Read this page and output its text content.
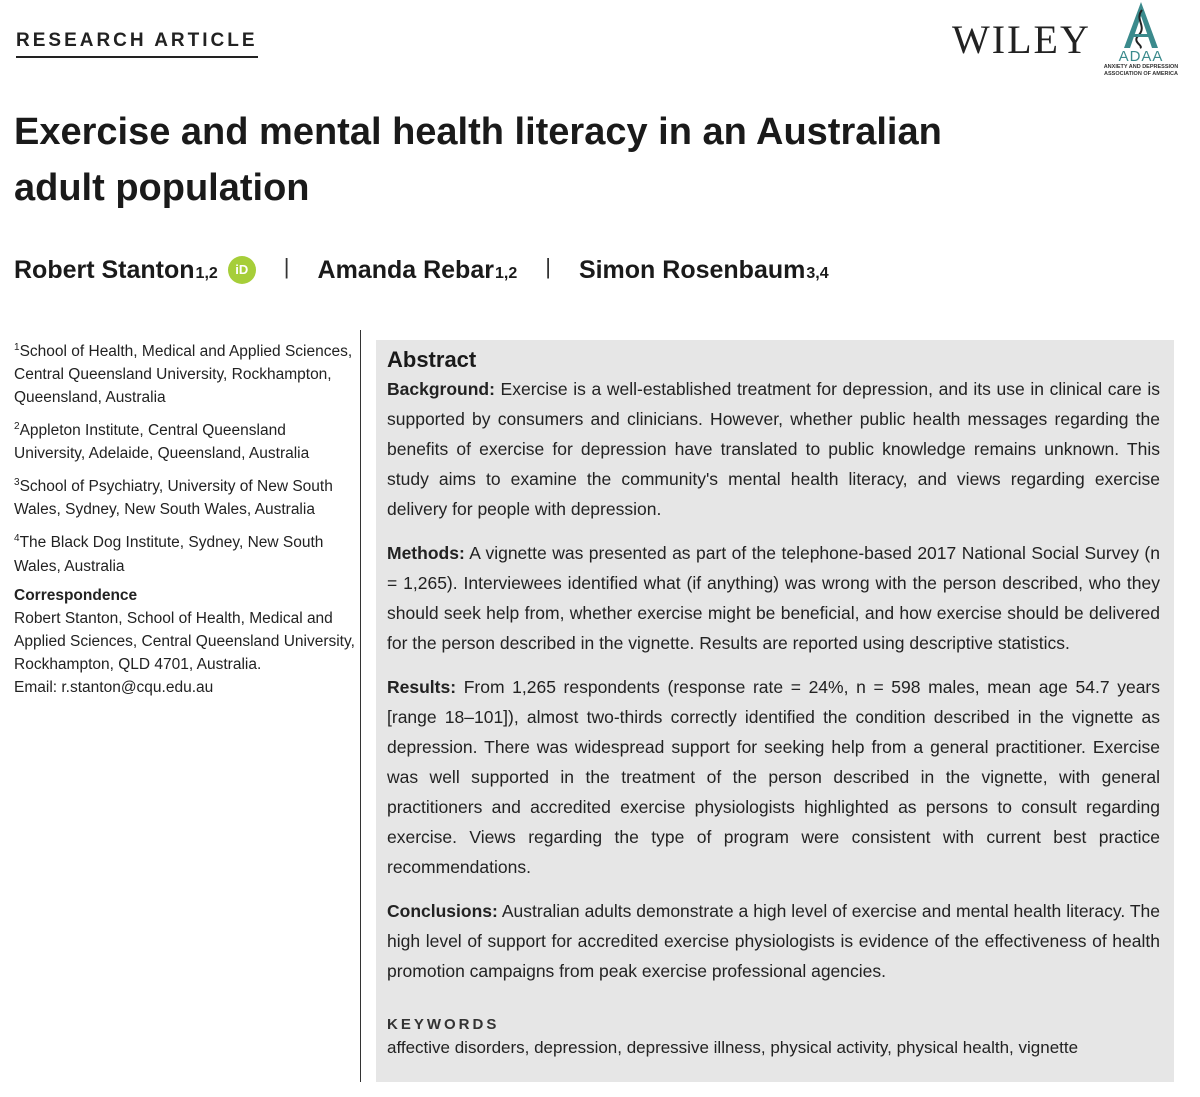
RESEARCH ARTICLE	WILEY	ADAA
ANXIETY AND DEPRESSION ASSOCIATION OF AMERICA
Exercise and mental health literacy in an Australian adult population
Robert Stanton 1,2	iD	| Amanda Rebar 1,2 | Simon Rosenbaum 3,4
$^1$School of Health, Medical and Applied Sciences, Central Queensland University, Rockhampton, Queensland, Australia
$^2$Appleton Institute, Central Queensland University, Adelaide, Queensland, Australia
$^3$School of Psychiatry, University of New South Wales, Sydney, New South Wales, Australia
$^4$The Black Dog Institute, Sydney, New South Wales, Australia
Correspondence
Robert Stanton, School of Health, Medical and Applied Sciences, Central Queensland University, Rockhampton, QLD 4701, Australia.
Email: r.stanton@cqu.edu.au
Abstract

Background: Exercise is a well-established treatment for depression, and its use in clinical care is supported by consumers and clinicians. However, whether public health messages regarding the benefits of exercise for depression have translated to public knowledge remains unknown. This study aims to examine the community's mental health literacy, and views regarding exercise delivery for people with depression.

Methods: A vignette was presented as part of the telephone-based 2017 National Social Survey (n = 1,265). Interviewees identified what (if anything) was wrong with the person described, who they should seek help from, whether exercise might be beneficial, and how exercise should be delivered for the person described in the vignette. Results are reported using descriptive statistics.

Results: From 1,265 respondents (response rate = 24%, n = 598 males, mean age 54.7 years [range 18–101]), almost two-thirds correctly identified the condition described in the vignette as depression. There was widespread support for seeking help from a general practitioner. Exercise was well supported in the treatment of the person described in the vignette, with general practitioners and accredited exercise physiologists highlighted as persons to consult regarding exercise. Views regarding the type of program were consistent with current best practice recommendations.

Conclusions: Australian adults demonstrate a high level of exercise and mental health literacy. The high level of support for accredited exercise physiologists is evidence of the effectiveness of health promotion campaigns from peak exercise professional agencies.

KEYWORDS
affective disorders, depression, depressive illness, physical activity, physical health, vignette
